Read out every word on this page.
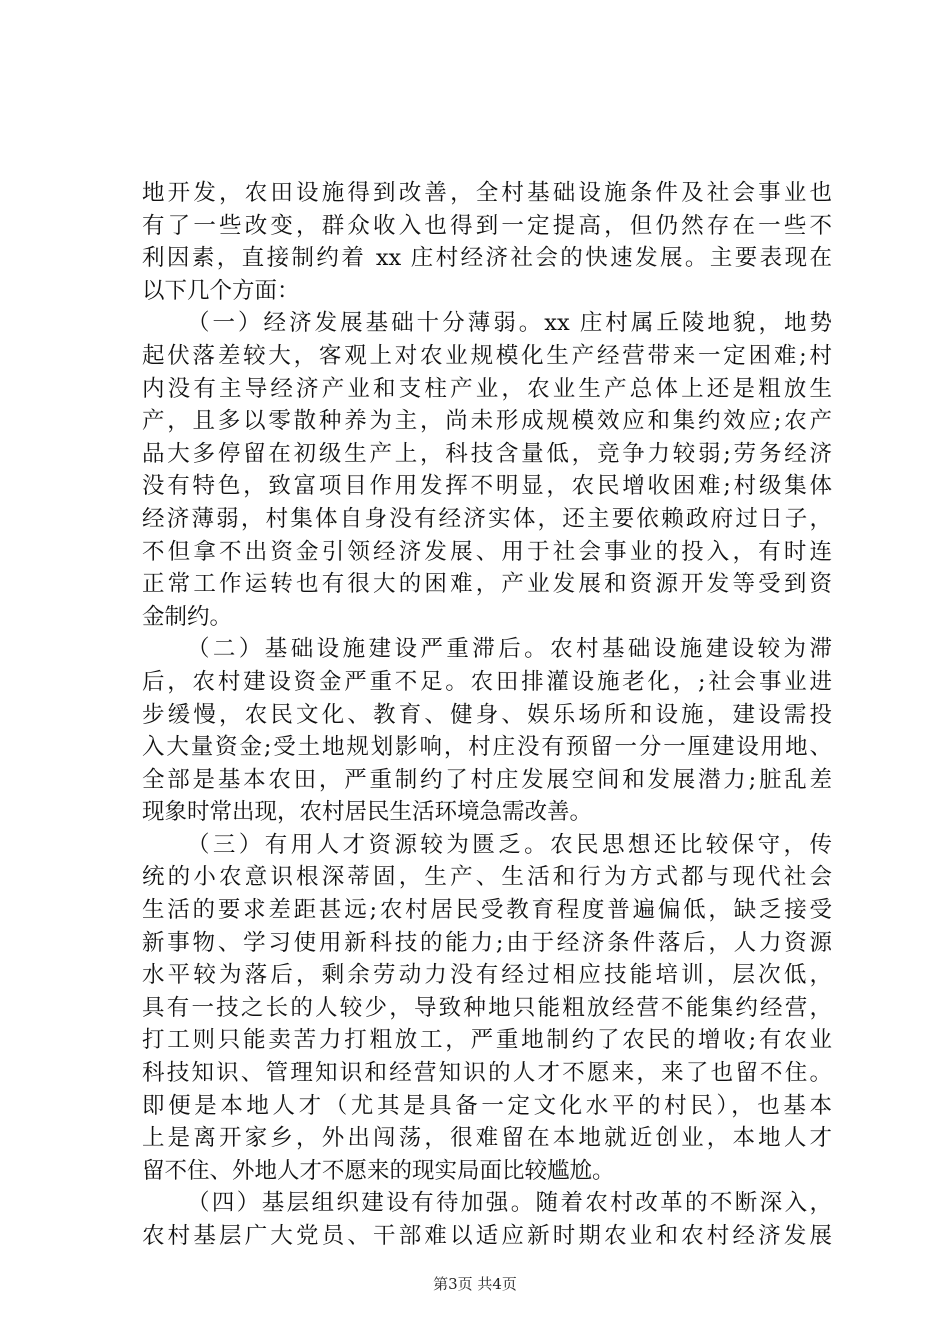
地开发，农田设施得到改善，全村基础设施条件及社会事业也
有了一些改变，群众收入也得到一定提高，但仍然存在一些不
利因素，直接制约着 xx 庄村经济社会的快速发展。主要表现在
以下几个方面：
（一）经济发展基础十分薄弱。xx 庄村属丘陵地貌，地势
起伏落差较大，客观上对农业规模化生产经营带来一定困难;村
内没有主导经济产业和支柱产业，农业生产总体上还是粗放生
产，且多以零散种养为主，尚未形成规模效应和集约效应;农产
品大多停留在初级生产上，科技含量低，竞争力较弱;劳务经济
没有特色，致富项目作用发挥不明显，农民增收困难;村级集体
经济薄弱，村集体自身没有经济实体，还主要依赖政府过日子，
不但拿不出资金引领经济发展、用于社会事业的投入，有时连
正常工作运转也有很大的困难，产业发展和资源开发等受到资
金制约。
（二）基础设施建设严重滞后。农村基础设施建设较为滞
后，农村建设资金严重不足。农田排灌设施老化，;社会事业进
步缓慢，农民文化、教育、健身、娱乐场所和设施，建设需投
入大量资金;受土地规划影响，村庄没有预留一分一厘建设用地、
全部是基本农田，严重制约了村庄发展空间和发展潜力;脏乱差
现象时常出现，农村居民生活环境急需改善。
（三）有用人才资源较为匮乏。农民思想还比较保守，传
统的小农意识根深蒂固，生产、生活和行为方式都与现代社会
生活的要求差距甚远;农村居民受教育程度普遍偏低，缺乏接受
新事物、学习使用新科技的能力;由于经济条件落后，人力资源
水平较为落后，剩余劳动力没有经过相应技能培训，层次低，
具有一技之长的人较少，导致种地只能粗放经营不能集约经营，
打工则只能卖苦力打粗放工，严重地制约了农民的增收;有农业
科技知识、管理知识和经营知识的人才不愿来，来了也留不住。
即便是本地人才（尤其是具备一定文化水平的村民），也基本
上是离开家乡，外出闯荡，很难留在本地就近创业，本地人才
留不住、外地人才不愿来的现实局面比较尴尬。
（四）基层组织建设有待加强。随着农村改革的不断深入，
农村基层广大党员、干部难以适应新时期农业和农村经济发展
第3页 共4页
